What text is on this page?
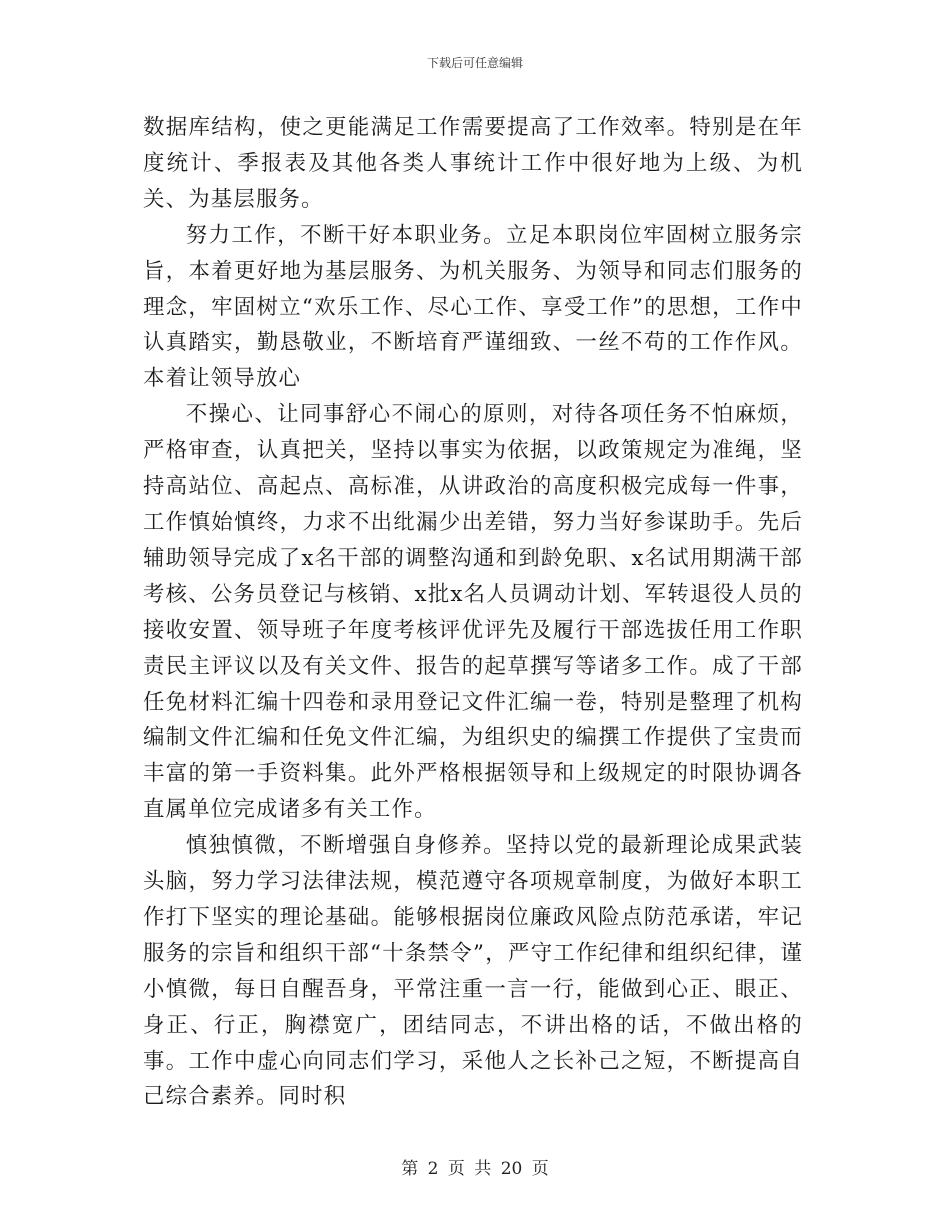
下载后可任意编辑

数据库结构，使之更能满足工作需要提高了工作效率。特别是在年度统计、季报表及其他各类人事统计工作中很好地为上级、为机关、为基层服务。

努力工作，不断干好本职业务。立足本职岗位牢固树立服务宗旨，本着更好地为基层服务、为机关服务、为领导和同志们服务的理念，牢固树立“欢乐工作、尽心工作、享受工作”的思想，工作中认真踏实，勤恳敬业，不断培育严谨细致、一丝不苟的工作作风。本着让领导放心

不操心、让同事舒心不闹心的原则，对待各项任务不怕麻烦，严格审查，认真把关，坚持以事实为依据，以政策规定为准绳，坚持高站位、高起点、高标准，从讲政治的高度积极完成每一件事，工作慎始慎终，力求不出纰漏少出差错，努力当好参谋助手。先后辅助领导完成了x名干部的调整沟通和到龄免职、x名试用期满干部考核、公务员登记与核销、x批x名人员调动计划、军转退役人员的接收安置、领导班子年度考核评优评先及履行干部选拔任用工作职责民主评议以及有关文件、报告的起草撰写等诸多工作。成了干部任免材料汇编十四卷和录用登记文件汇编一卷，特别是整理了机构编制文件汇编和任免文件汇编，为组织史的编撰工作提供了宝贵而丰富的第一手资料集。此外严格根据领导和上级规定的时限协调各直属单位完成诸多有关工作。

慎独慎微，不断增强自身修养。坚持以党的最新理论成果武装头脑，努力学习法律法规，模范遵守各项规章制度，为做好本职工作打下坚实的理论基础。能够根据岗位廉政风险点防范承诺，牢记服务的宗旨和组织干部“十条禁令”，严守工作纪律和组织纪律，谨小慎微，每日自醒吾身，平常注重一言一行，能做到心正、眼正、身正、行正，胸襟宽广，团结同志，不讲出格的话，不做出格的事。工作中虚心向同志们学习，采他人之长补己之短，不断提高自己综合素养。同时积

第 2 页 共 20 页
